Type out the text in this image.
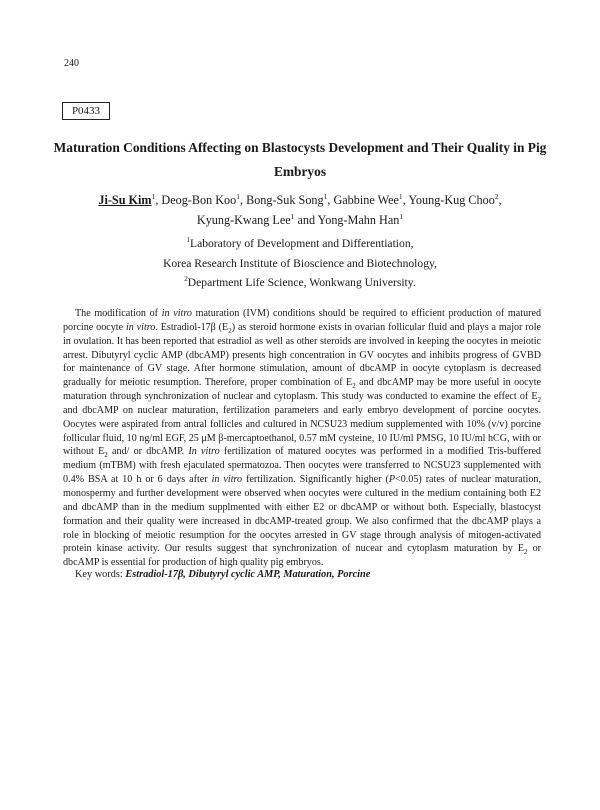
240
P0433
Maturation Conditions Affecting on Blastocysts Development and Their Quality in Pig Embryos
Ji-Su Kim$^1$, Deog-Bon Koo$^1$, Bong-Suk Song$^1$, Gabbine Wee$^1$, Young-Kug Choo$^2$,
Kyung-Kwang Lee$^1$ and Yong-Mahn Han$^1$
$^1$Laboratory of Development and Differentiation,
Korea Research Institute of Bioscience and Biotechnology,
$^2$Department Life Science, Wonkwang University.

The modification of in vitro maturation (IVM) conditions should be required to efficient production of matured porcine oocyte in vitro. Estradiol-17β $(E_2)$ as steroid hormone exists in ovarian follicular fluid and plays a major role in ovulation. It has been reported that estradiol as well as other steroids are involved in keeping the oocytes in meiotic arrest. Dibutyryl cyclic AMP (dbcAMP) presents high concentration in GV oocytes and inhibits progress of GVBD for maintenance of GV stage. After hormone stimulation, amount of dbcAMP in oocyte cytoplasm is decreased gradually for meiotic resumption. Therefore, proper combination of $E_2$ and dbcAMP may be more useful in oocyte maturation through synchronization of nuclear and cytoplasm. This study was conducted to examine the effect of $E_2$ and dbcAMP on nuclear maturation, fertilization parameters and early embryo development of porcine oocytes. Oocytes were aspirated from antral follicles and cultured in NCSU23 medium supplemented with 10% (v/v) porcine follicular fluid, 10 ng/ml EGF, 25 μM β-mercaptoethanol, 0.57 mM cysteine, 10 IU/ml PMSG, 10 IU/ml hCG, with or without $E_2$ and/ or dbcAMP. In vitro fertilization of matured oocytes was performed in a modified Tris-buffered medium (mTBM) with fresh ejaculated spermatozoa. Then oocytes were transferred to NCSU23 supplemented with 0.4% BSA at 10 h or 6 days after in vitro fertilization. Significantly higher (P<0.05) rates of nuclear maturation, monospermy and further development were observed when oocytes were cultured in the medium containing both E2 and dbcAMP than in the medium supplmented with either E2 or dbcAMP or without both. Especially, blastocyst formation and their quality were increased in dbcAMP-treated group. We also confirmed that the dbcAMP plays a role in blocking of meiotic resumption for the oocytes arrested in GV stage through analysis of mitogen-activated protein kinase activity. Our results suggest that synchronization of nucear and cytoplasm maturation by $E_2$ or dbcAMP is essential for production of high quality pig embryos.

Key words: Estradiol-17β, Dibutyryl cyclic AMP, Maturation, Porcine
